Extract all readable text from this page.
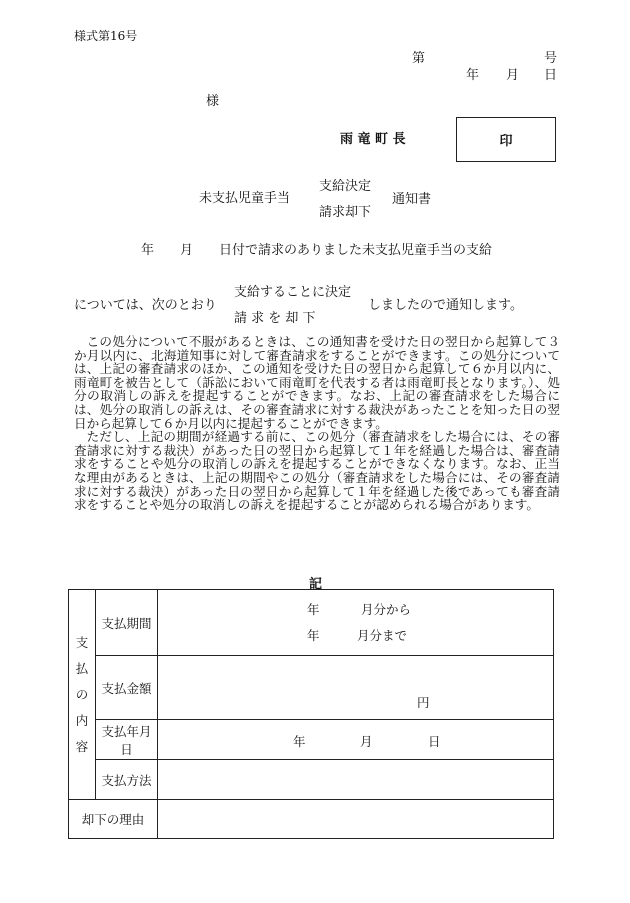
様式第16号
第	号
年 月 日
様
雨 竜 町 長	印
未支払児童手当
支給決定
請求却下
通知書
年 月 日付で請求のありました未支払児童手当の支給
支給することに決定
については、次のとおり	しましたので通知します。
請 求 を 却 下

この処分について不服があるときは、この通知書を受けた日の翌日から起算して３か月以内に、北海道知事に対して審査請求をすることができます。この処分については、上記の審査請求のほか、この通知を受けた日の翌日から起算して６か月以内に、雨竜町を被告として（訴訟において雨竜町を代表する者は雨竜町長となります。）、処分の取消しの訴えを提起することができます。なお、上記の審査請求をした場合には、処分の取消しの訴えは、その審査請求に対する裁決があったことを知った日の翌日から起算して６か月以内に提起することができます。

ただし、上記の期間が経過する前に、この処分（審査請求をした場合には、その審査請求に対する裁決）があった日の翌日から起算して１年を経過した場合は、審査請求をすることや処分の取消しの訴えを提起することができなくなります。なお、正当な理由があるときは、上記の期間やこの処分（審査請求をした場合には、その審査請求に対する裁決）があった日の翌日から起算して１年を経過した後であっても審査請求をすることや処分の取消しの訴えを提起することが認められる場合があります。

記
支
払
の
内
容	支払期間	年 月分から
年 月分まで

	支払金額	円

	支払年月日	年 月 日

	支払方法	
却下の理由		
